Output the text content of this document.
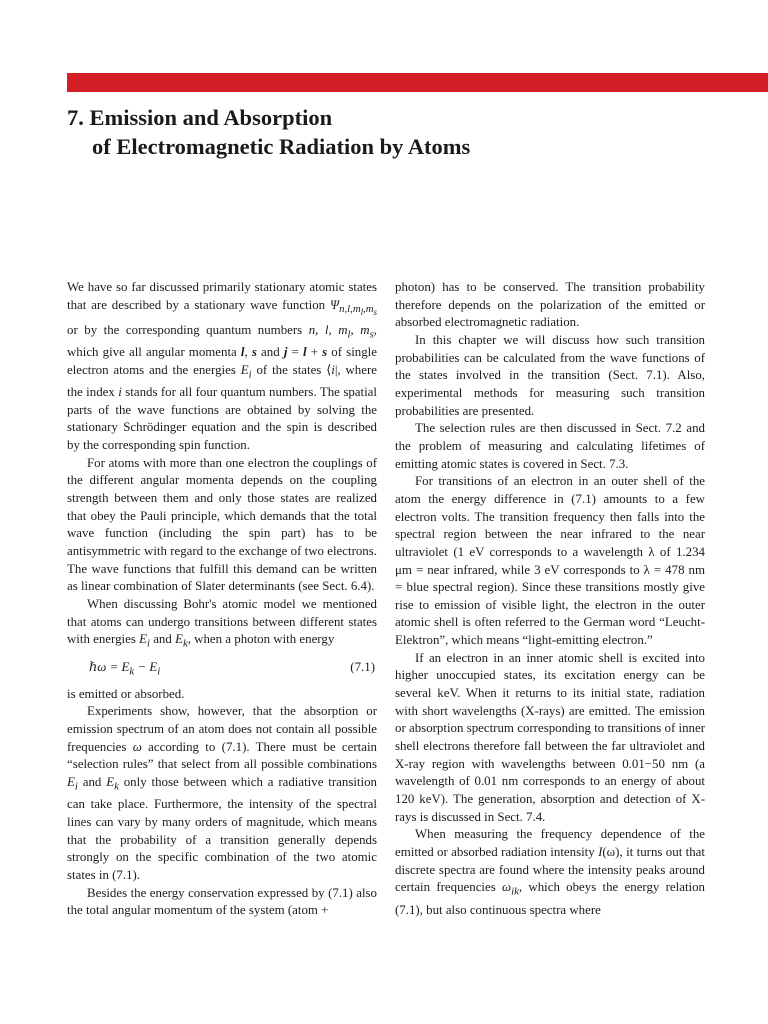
7. Emission and Absorption
of Electromagnetic Radiation by Atoms

We have so far discussed primarily stationary atomic states that are described by a stationary wave function $\Psi_{n,l,m_l,m_s}$ or by the corresponding quantum numbers n, l, $m_l$, $m_s$, which give all angular momenta l, s and j = l + s of single electron atoms and the energies $E_i$ of the states ⟨i|, where the index i stands for all four quantum numbers. The spatial parts of the wave functions are obtained by solving the stationary Schrödinger equation and the spin is described by the corresponding spin function.

For atoms with more than one electron the couplings of the different angular momenta depends on the coupling strength between them and only those states are realized that obey the Pauli principle, which demands that the total wave function (including the spin part) has to be antisymmetric with regard to the exchange of two electrons. The wave functions that fulfill this demand can be written as linear combination of Slater determinants (see Sect. 6.4).

When discussing Bohr's atomic model we mentioned that atoms can undergo transitions between different states with energies $E_i$ and $E_k$, when a photon with energy

ℏω = $E_k - E_i$	(7.1)

is emitted or absorbed.

Experiments show, however, that the absorption or emission spectrum of an atom does not contain all possible frequencies ω according to (7.1). There must be certain “selection rules” that select from all possible combinations $E_i$ and $E_k$ only those between which a radiative transition can take place. Furthermore, the intensity of the spectral lines can vary by many orders of magnitude, which means that the probability of a transition generally depends strongly on the specific combination of the two atomic states in (7.1).

Besides the energy conservation expressed by (7.1) also the total angular momentum of the system (atom +

photon) has to be conserved. The transition probability therefore depends on the polarization of the emitted or absorbed electromagnetic radiation.

In this chapter we will discuss how such transition probabilities can be calculated from the wave functions of the states involved in the transition (Sect. 7.1). Also, experimental methods for measuring such transition probabilities are presented.

The selection rules are then discussed in Sect. 7.2 and the problem of measuring and calculating lifetimes of emitting atomic states is covered in Sect. 7.3.

For transitions of an electron in an outer shell of the atom the energy difference in (7.1) amounts to a few electron volts. The transition frequency then falls into the spectral region between the near infrared to the near ultraviolet (1 eV corresponds to a wavelength λ of 1.234 μm = near infrared, while 3 eV corresponds to λ = 478 nm = blue spectral region). Since these transitions mostly give rise to emission of visible light, the electron in the outer atomic shell is often referred to the German word “Leucht-Elektron”, which means “light-emitting electron.”

If an electron in an inner atomic shell is excited into higher unoccupied states, its excitation energy can be several keV. When it returns to its initial state, radiation with short wavelengths (X-rays) are emitted. The emission or absorption spectrum corresponding to transitions of inner shell electrons therefore fall between the far ultraviolet and X-ray region with wavelengths between 0.01−50 nm (a wavelength of 0.01 nm corresponds to an energy of about 120 keV). The generation, absorption and detection of X-rays is discussed in Sect. 7.4.

When measuring the frequency dependence of the emitted or absorbed radiation intensity I(ω), it turns out that discrete spectra are found where the intensity peaks around certain frequencies $\omega_{ik}$, which obeys the energy relation (7.1), but also continuous spectra where
